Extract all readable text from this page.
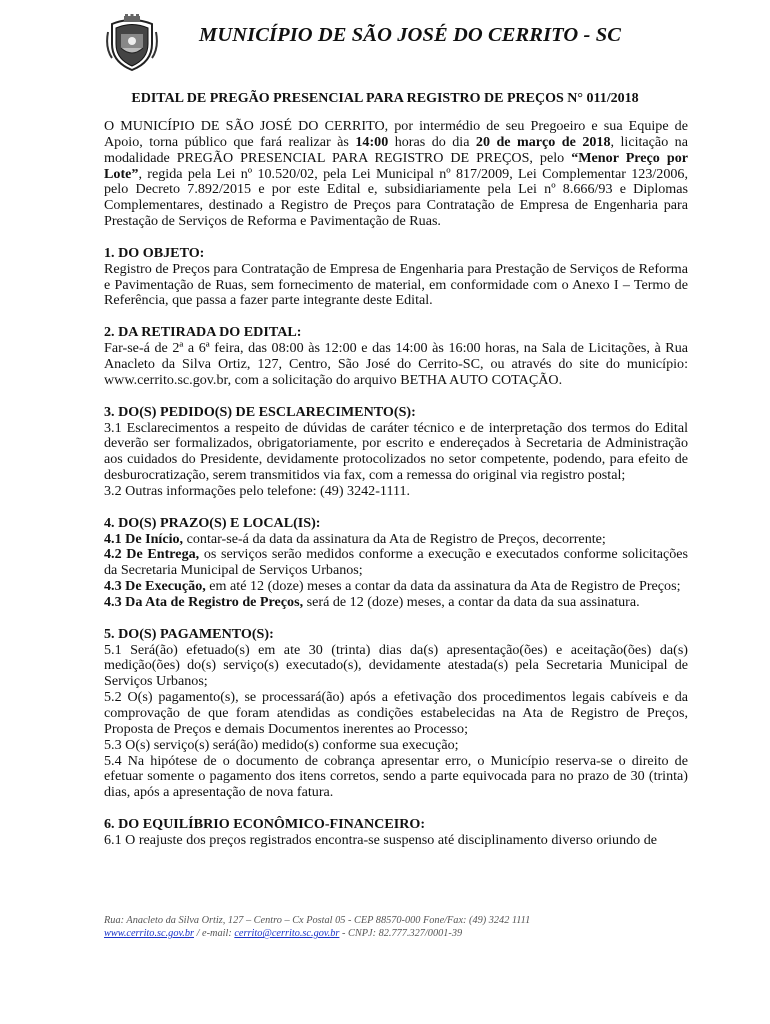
MUNICÍPIO DE SÃO JOSÉ DO CERRITO - SC
EDITAL DE PREGÃO PRESENCIAL PARA REGISTRO DE PREÇOS N° 011/2018

O MUNICÍPIO DE SÃO JOSÉ DO CERRITO, por intermédio de seu Pregoeiro e sua Equipe de Apoio, torna público que fará realizar às 14:00 horas do dia 20 de março de 2018, licitação na modalidade PREGÃO PRESENCIAL PARA REGISTRO DE PREÇOS, pelo “Menor Preço por Lote”, regida pela Lei nº 10.520/02, pela Lei Municipal nº 817/2009, Lei Complementar 123/2006, pelo Decreto 7.892/2015 e por este Edital e, subsidiariamente pela Lei nº 8.666/93 e Diplomas Complementares, destinado a Registro de Preços para Contratação de Empresa de Engenharia para Prestação de Serviços de Reforma e Pavimentação de Ruas.

1. DO OBJETO:

Registro de Preços para Contratação de Empresa de Engenharia para Prestação de Serviços de Reforma e Pavimentação de Ruas, sem fornecimento de material, em conformidade com o Anexo I – Termo de Referência, que passa a fazer parte integrante deste Edital.

2. DA RETIRADA DO EDITAL:

Far-se-á de 2ª a 6ª feira, das 08:00 às 12:00 e das 14:00 às 16:00 horas, na Sala de Licitações, à Rua Anacleto da Silva Ortiz, 127, Centro, São José do Cerrito-SC, ou através do site do município: www.cerrito.sc.gov.br, com a solicitação do arquivo BETHA AUTO COTAÇÃO.

3. DO(S) PEDIDO(S) DE ESCLARECIMENTO(S):

3.1 Esclarecimentos a respeito de dúvidas de caráter técnico e de interpretação dos termos do Edital deverão ser formalizados, obrigatoriamente, por escrito e endereçados à Secretaria de Administração aos cuidados do Presidente, devidamente protocolizados no setor competente, podendo, para efeito de desburocratização, serem transmitidos via fax, com a remessa do original via registro postal;

3.2 Outras informações pelo telefone: (49) 3242-1111.

4. DO(S) PRAZO(S) E LOCAL(IS):

4.1 De Início, contar-se-á da data da assinatura da Ata de Registro de Preços, decorrente;

4.2 De Entrega, os serviços serão medidos conforme a execução e executados conforme solicitações da Secretaria Municipal de Serviços Urbanos;

4.3 De Execução, em até 12 (doze) meses a contar da data da assinatura da Ata de Registro de Preços;

4.3 Da Ata de Registro de Preços, será de 12 (doze) meses, a contar da data da sua assinatura.

5. DO(S) PAGAMENTO(S):

5.1 Será(ão) efetuado(s) em ate 30 (trinta) dias da(s) apresentação(ões) e aceitação(ões) da(s) medição(ões) do(s) serviço(s) executado(s), devidamente atestada(s) pela Secretaria Municipal de Serviços Urbanos;

5.2 O(s) pagamento(s), se processará(ão) após a efetivação dos procedimentos legais cabíveis e da comprovação de que foram atendidas as condições estabelecidas na Ata de Registro de Preços, Proposta de Preços e demais Documentos inerentes ao Processo;

5.3 O(s) serviço(s) será(ão) medido(s) conforme sua execução;

5.4 Na hipótese de o documento de cobrança apresentar erro, o Município reserva-se o direito de efetuar somente o pagamento dos itens corretos, sendo a parte equivocada para no prazo de 30 (trinta) dias, após a apresentação de nova fatura.

6. DO EQUILÍBRIO ECONÔMICO-FINANCEIRO:

6.1 O reajuste dos preços registrados encontra-se suspenso até disciplinamento diverso oriundo de

Rua: Anacleto da Silva Ortiz, 127 – Centro – Cx Postal 05 - CEP 88570-000 Fone/Fax: (49) 3242 1111
www.cerrito.sc.gov.br / e-mail: cerrito@cerrito.sc.gov.br - CNPJ: 82.777.327/0001-39
